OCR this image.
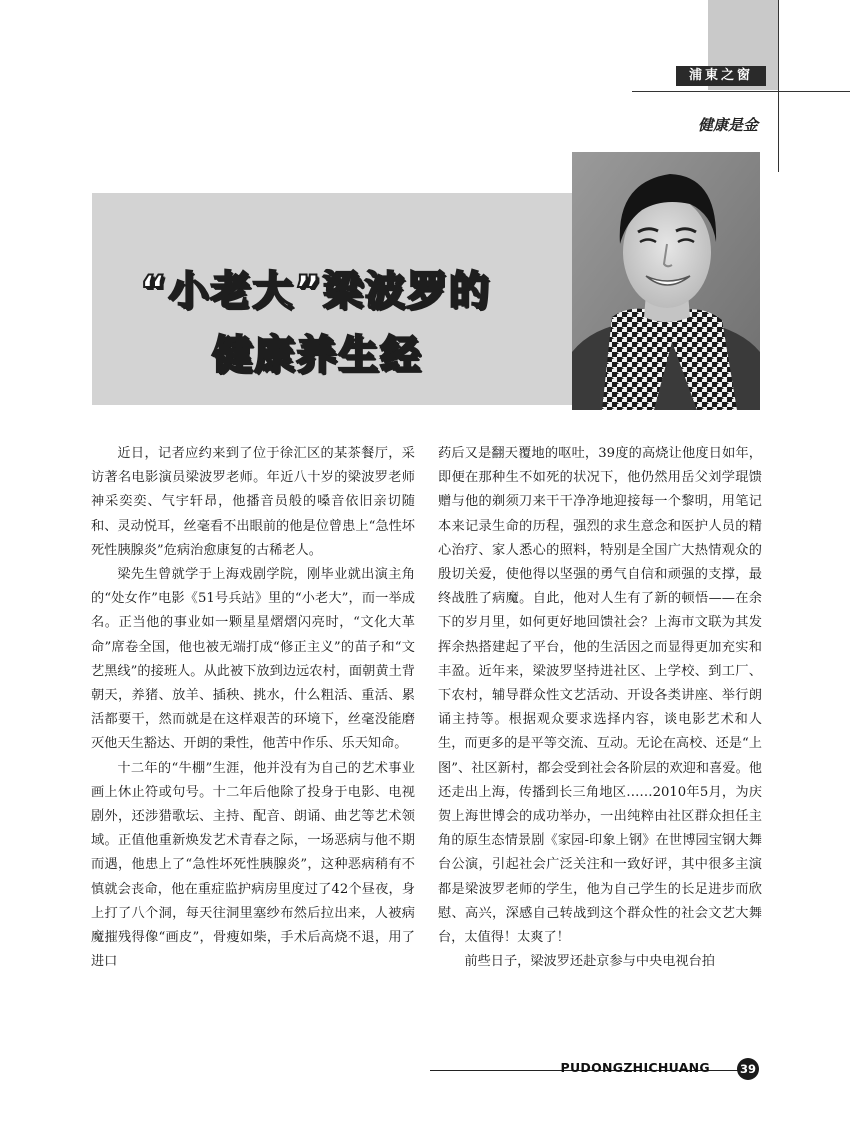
浦東之窗
健康是金
“小老大”梁波罗的
健康养生经

近日，记者应约来到了位于徐汇区的某茶餐厅，采访著名电影演员梁波罗老师。年近八十岁的梁波罗老师神采奕奕、气宇轩昂，他播音员般的嗓音依旧亲切随和、灵动悦耳，丝毫看不出眼前的他是位曾患上“急性坏死性胰腺炎”危病治愈康复的古稀老人。

梁先生曾就学于上海戏剧学院，刚毕业就出演主角的“处女作”电影《51号兵站》里的“小老大”，而一举成名。正当他的事业如一颗星星熠熠闪亮时，“文化大革命”席卷全国，他也被无端打成“修正主义”的苗子和“文艺黑线”的接班人。从此被下放到边远农村，面朝黄土背朝天，养猪、放羊、插秧、挑水，什么粗活、重活、累活都要干，然而就是在这样艰苦的环境下，丝毫没能磨灭他天生豁达、开朗的秉性，他苦中作乐、乐天知命。

十二年的“牛棚”生涯，他并没有为自己的艺术事业画上休止符或句号。十二年后他除了投身于电影、电视剧外，还涉猎歌坛、主持、配音、朗诵、曲艺等艺术领域。正值他重新焕发艺术青春之际，一场恶病与他不期而遇，他患上了“急性坏死性胰腺炎”，这种恶病稍有不慎就会丧命，他在重症监护病房里度过了42个昼夜，身上打了八个洞，每天往洞里塞纱布然后拉出来，人被病魔摧残得像“画皮”，骨瘦如柴，手术后高烧不退，用了进口

药后又是翻天覆地的呕吐，39度的高烧让他度日如年，即便在那种生不如死的状况下，他仍然用岳父刘学琨馈赠与他的剃须刀来干干净净地迎接每一个黎明，用笔记本来记录生命的历程，强烈的求生意念和医护人员的精心治疗、家人悉心的照料，特别是全国广大热情观众的殷切关爱，使他得以坚强的勇气自信和顽强的支撑，最终战胜了病魔。自此，他对人生有了新的顿悟——在余下的岁月里，如何更好地回馈社会？上海市文联为其发挥余热搭建起了平台，他的生活因之而显得更加充实和丰盈。近年来，梁波罗坚持进社区、上学校、到工厂、下农村，辅导群众性文艺活动、开设各类讲座、举行朗诵主持等。根据观众要求选择内容，谈电影艺术和人生，而更多的是平等交流、互动。无论在高校、还是“上图”、社区新村，都会受到社会各阶层的欢迎和喜爱。他还走出上海，传播到长三角地区……2010年5月，为庆贺上海世博会的成功举办，一出纯粹由社区群众担任主角的原生态情景剧《家园-印象上钢》在世博园宝钢大舞台公演，引起社会广泛关注和一致好评，其中很多主演都是梁波罗老师的学生，他为自己学生的长足进步而欣慰、高兴，深感自己转战到这个群众性的社会文艺大舞台，太值得！太爽了！

前些日子，梁波罗还赴京参与中央电视台拍

PUDONGZHICHUANG	39
